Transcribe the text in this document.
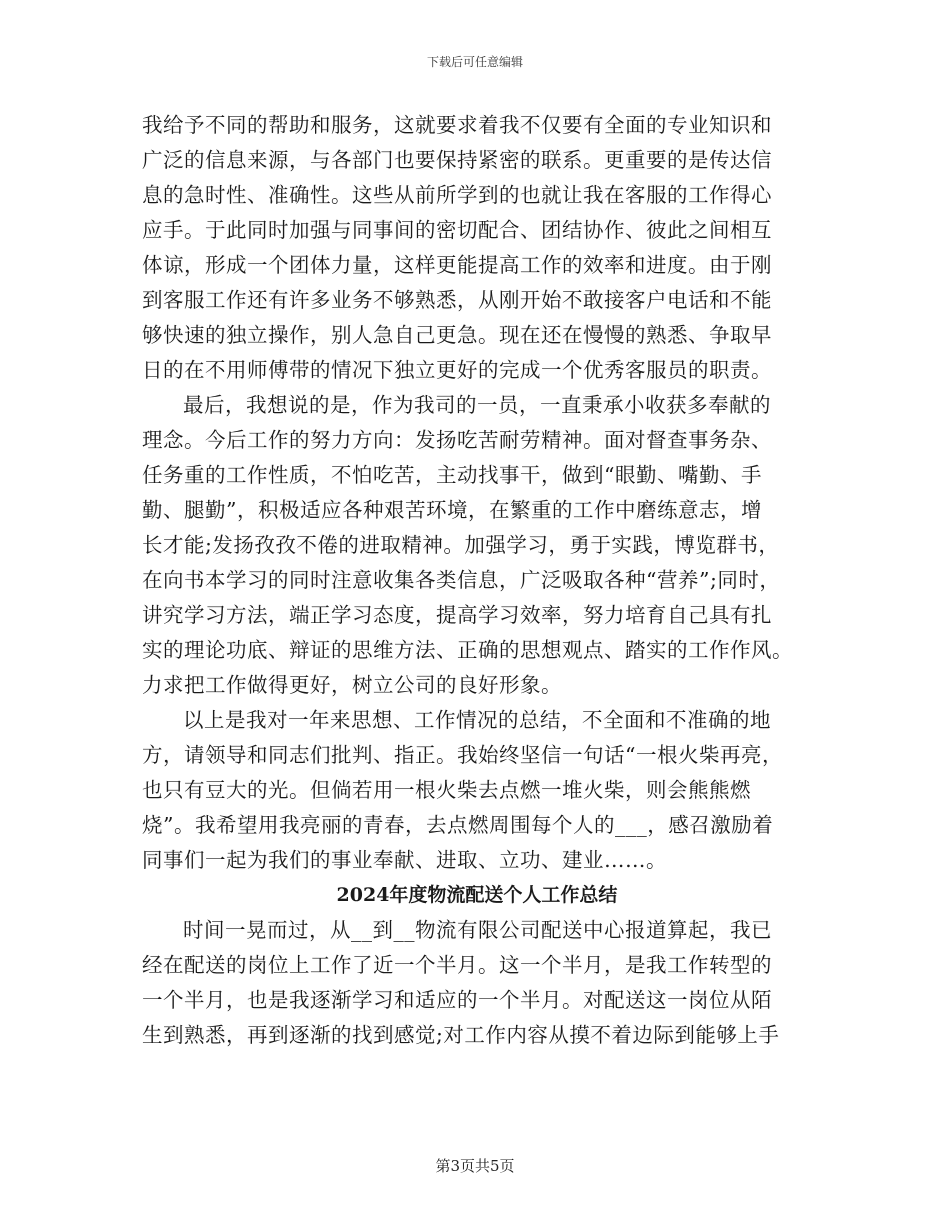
下载后可任意编辑
我给予不同的帮助和服务，这就要求着我不仅要有全面的专业知识和
广泛的信息来源，与各部门也要保持紧密的联系。更重要的是传达信
息的急时性、准确性。这些从前所学到的也就让我在客服的工作得心
应手。于此同时加强与同事间的密切配合、团结协作、彼此之间相互
体谅，形成一个团体力量，这样更能提高工作的效率和进度。由于刚
到客服工作还有许多业务不够熟悉，从刚开始不敢接客户电话和不能
够快速的独立操作，别人急自己更急。现在还在慢慢的熟悉、争取早
日的在不用师傅带的情况下独立更好的完成一个优秀客服员的职责。
最后，我想说的是，作为我司的一员，一直秉承小收获多奉献的
理念。今后工作的努力方向：发扬吃苦耐劳精神。面对督查事务杂、
任务重的工作性质，不怕吃苦，主动找事干，做到“眼勤、嘴勤、手
勤、腿勤”，积极适应各种艰苦环境，在繁重的工作中磨练意志，增
长才能;发扬孜孜不倦的进取精神。加强学习，勇于实践，博览群书，
在向书本学习的同时注意收集各类信息，广泛吸取各种“营养”;同时，
讲究学习方法，端正学习态度，提高学习效率，努力培育自己具有扎
实的理论功底、辩证的思维方法、正确的思想观点、踏实的工作作风。
力求把工作做得更好，树立公司的良好形象。
以上是我对一年来思想、工作情况的总结，不全面和不准确的地
方，请领导和同志们批判、指正。我始终坚信一句话“一根火柴再亮，
也只有豆大的光。但倘若用一根火柴去点燃一堆火柴，则会熊熊燃
烧”。我希望用我亮丽的青春，去点燃周围每个人的___，感召激励着
同事们一起为我们的事业奉献、进取、立功、建业……。
2024年度物流配送个人工作总结
时间一晃而过，从__到__物流有限公司配送中心报道算起，我已
经在配送的岗位上工作了近一个半月。这一个半月，是我工作转型的
一个半月，也是我逐渐学习和适应的一个半月。对配送这一岗位从陌
生到熟悉，再到逐渐的找到感觉;对工作内容从摸不着边际到能够上手
第3页共5页
